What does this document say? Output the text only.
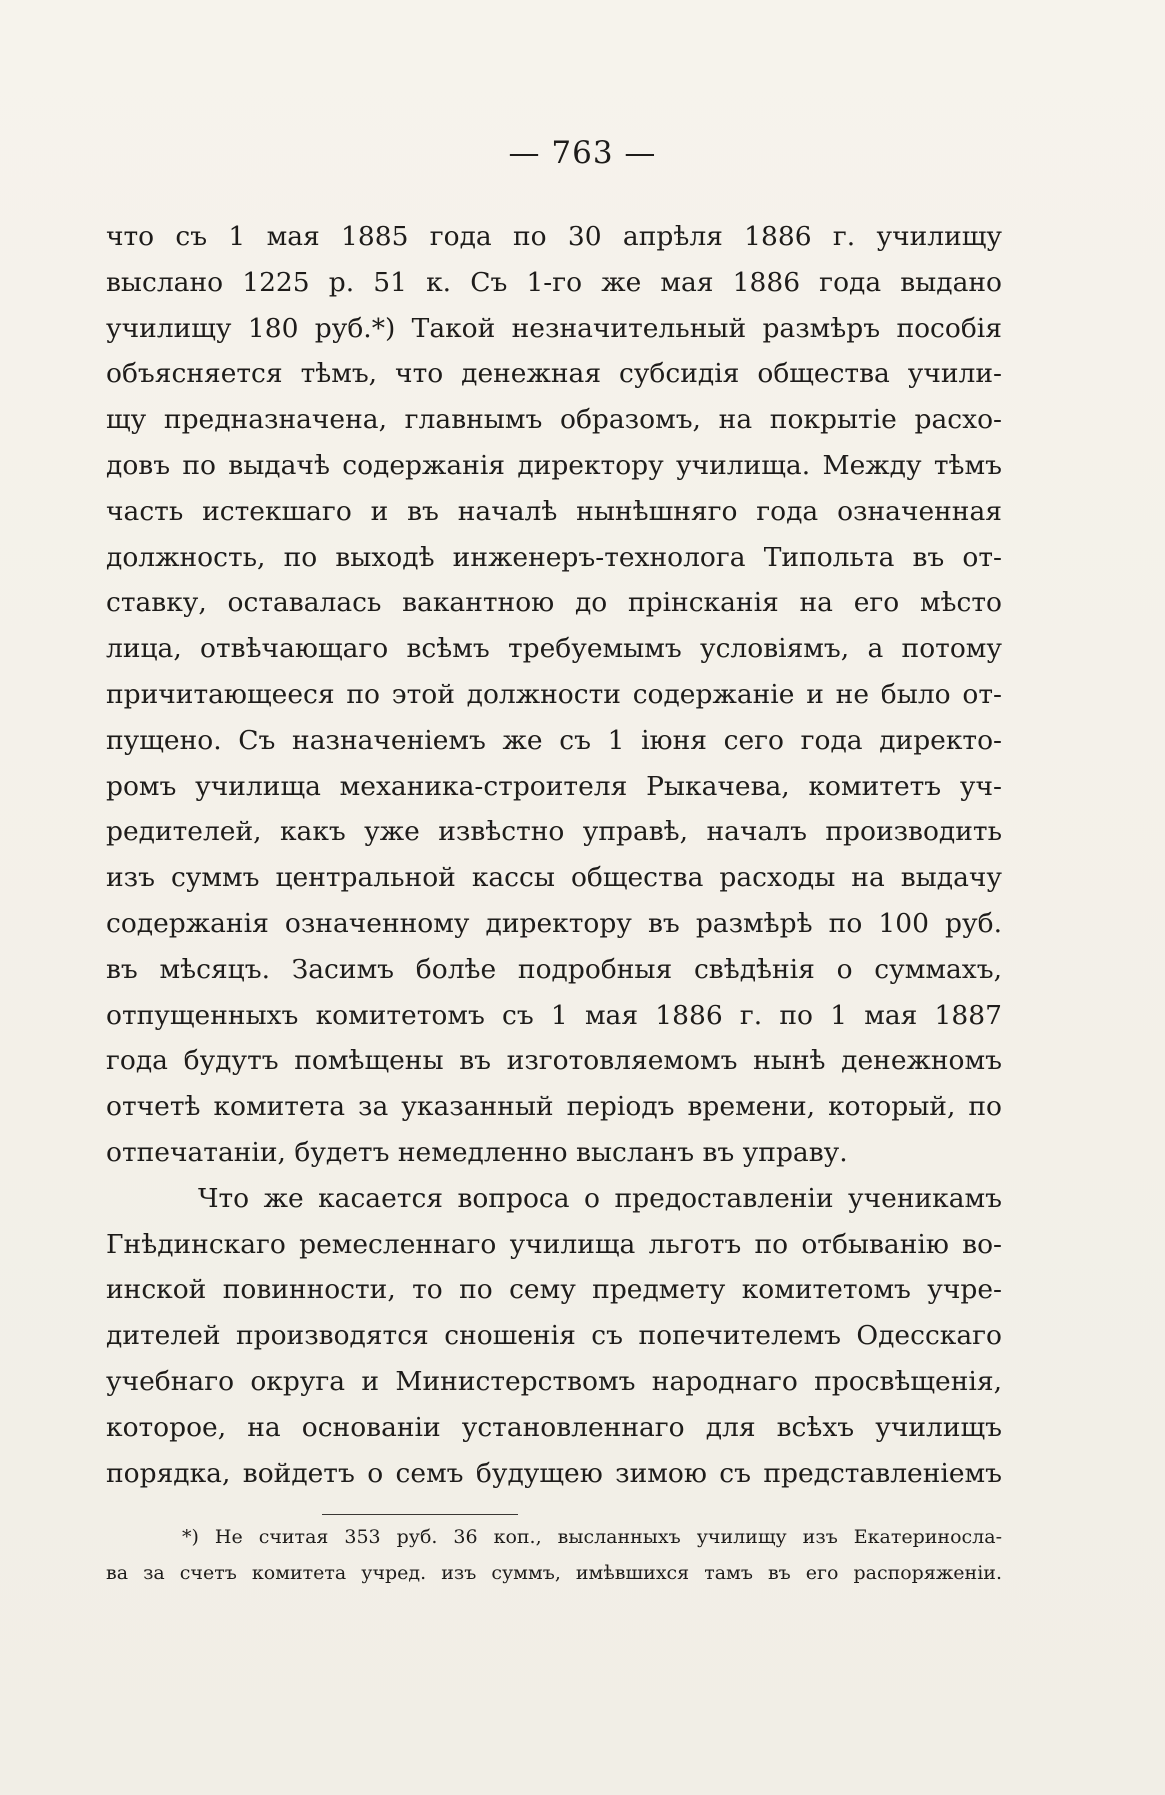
— 763 —
что съ 1 мая 1885 года по 30 апрѣля 1886 г. училищу
выслано 1225 р. 51 к. Съ 1-го же мая 1886 года выдано
училищу 180 руб.*) Такой незначительный размѣръ пособія
объясняется тѣмъ, что денежная субсидія общества учили-
щу предназначена, главнымъ образомъ, на покрытіе расхо-
довъ по выдачѣ содержанія директору училища. Между тѣмъ
часть истекшаго и въ началѣ нынѣшняго года означенная
должность, по выходѣ инженеръ-технолога Типольта въ от-
ставку, оставалась вакантною до прінсканія на его мѣсто
лица, отвѣчающаго всѣмъ требуемымъ условіямъ, а потому
причитающееся по этой должности содержаніе и не было от-
пущено. Съ назначеніемъ же съ 1 іюня сего года директо-
ромъ училища механика-строителя Рыкачева, комитетъ уч-
редителей, какъ уже извѣстно управѣ, началъ производить
изъ суммъ центральной кассы общества расходы на выдачу
содержанія означенному директору въ размѣрѣ по 100 руб.
въ мѣсяцъ. Засимъ болѣе подробныя свѣдѣнія о суммахъ,
отпущенныхъ комитетомъ съ 1 мая 1886 г. по 1 мая 1887
года будутъ помѣщены въ изготовляемомъ нынѣ денежномъ
отчетѣ комитета за указанный періодъ времени, который, по
отпечатаніи, будетъ немедленно высланъ въ управу.
Что же касается вопроса о предоставленіи ученикамъ
Гнѣдинскаго ремесленнаго училища льготъ по отбыванію во-
инской повинности, то по сему предмету комитетомъ учре-
дителей производятся сношенія съ попечителемъ Одесскаго
учебнаго округа и Министерствомъ народнаго просвѣщенія,
которое, на основаніи установленнаго для всѣхъ училищъ
порядка, войдетъ о семъ будущею зимою съ представленіемъ
*) Не считая 353 руб. 36 коп., высланныхъ училищу изъ Екатериносла-
ва за счетъ комитета учред. изъ суммъ, имѣвшихся тамъ въ его распоряженіи.
